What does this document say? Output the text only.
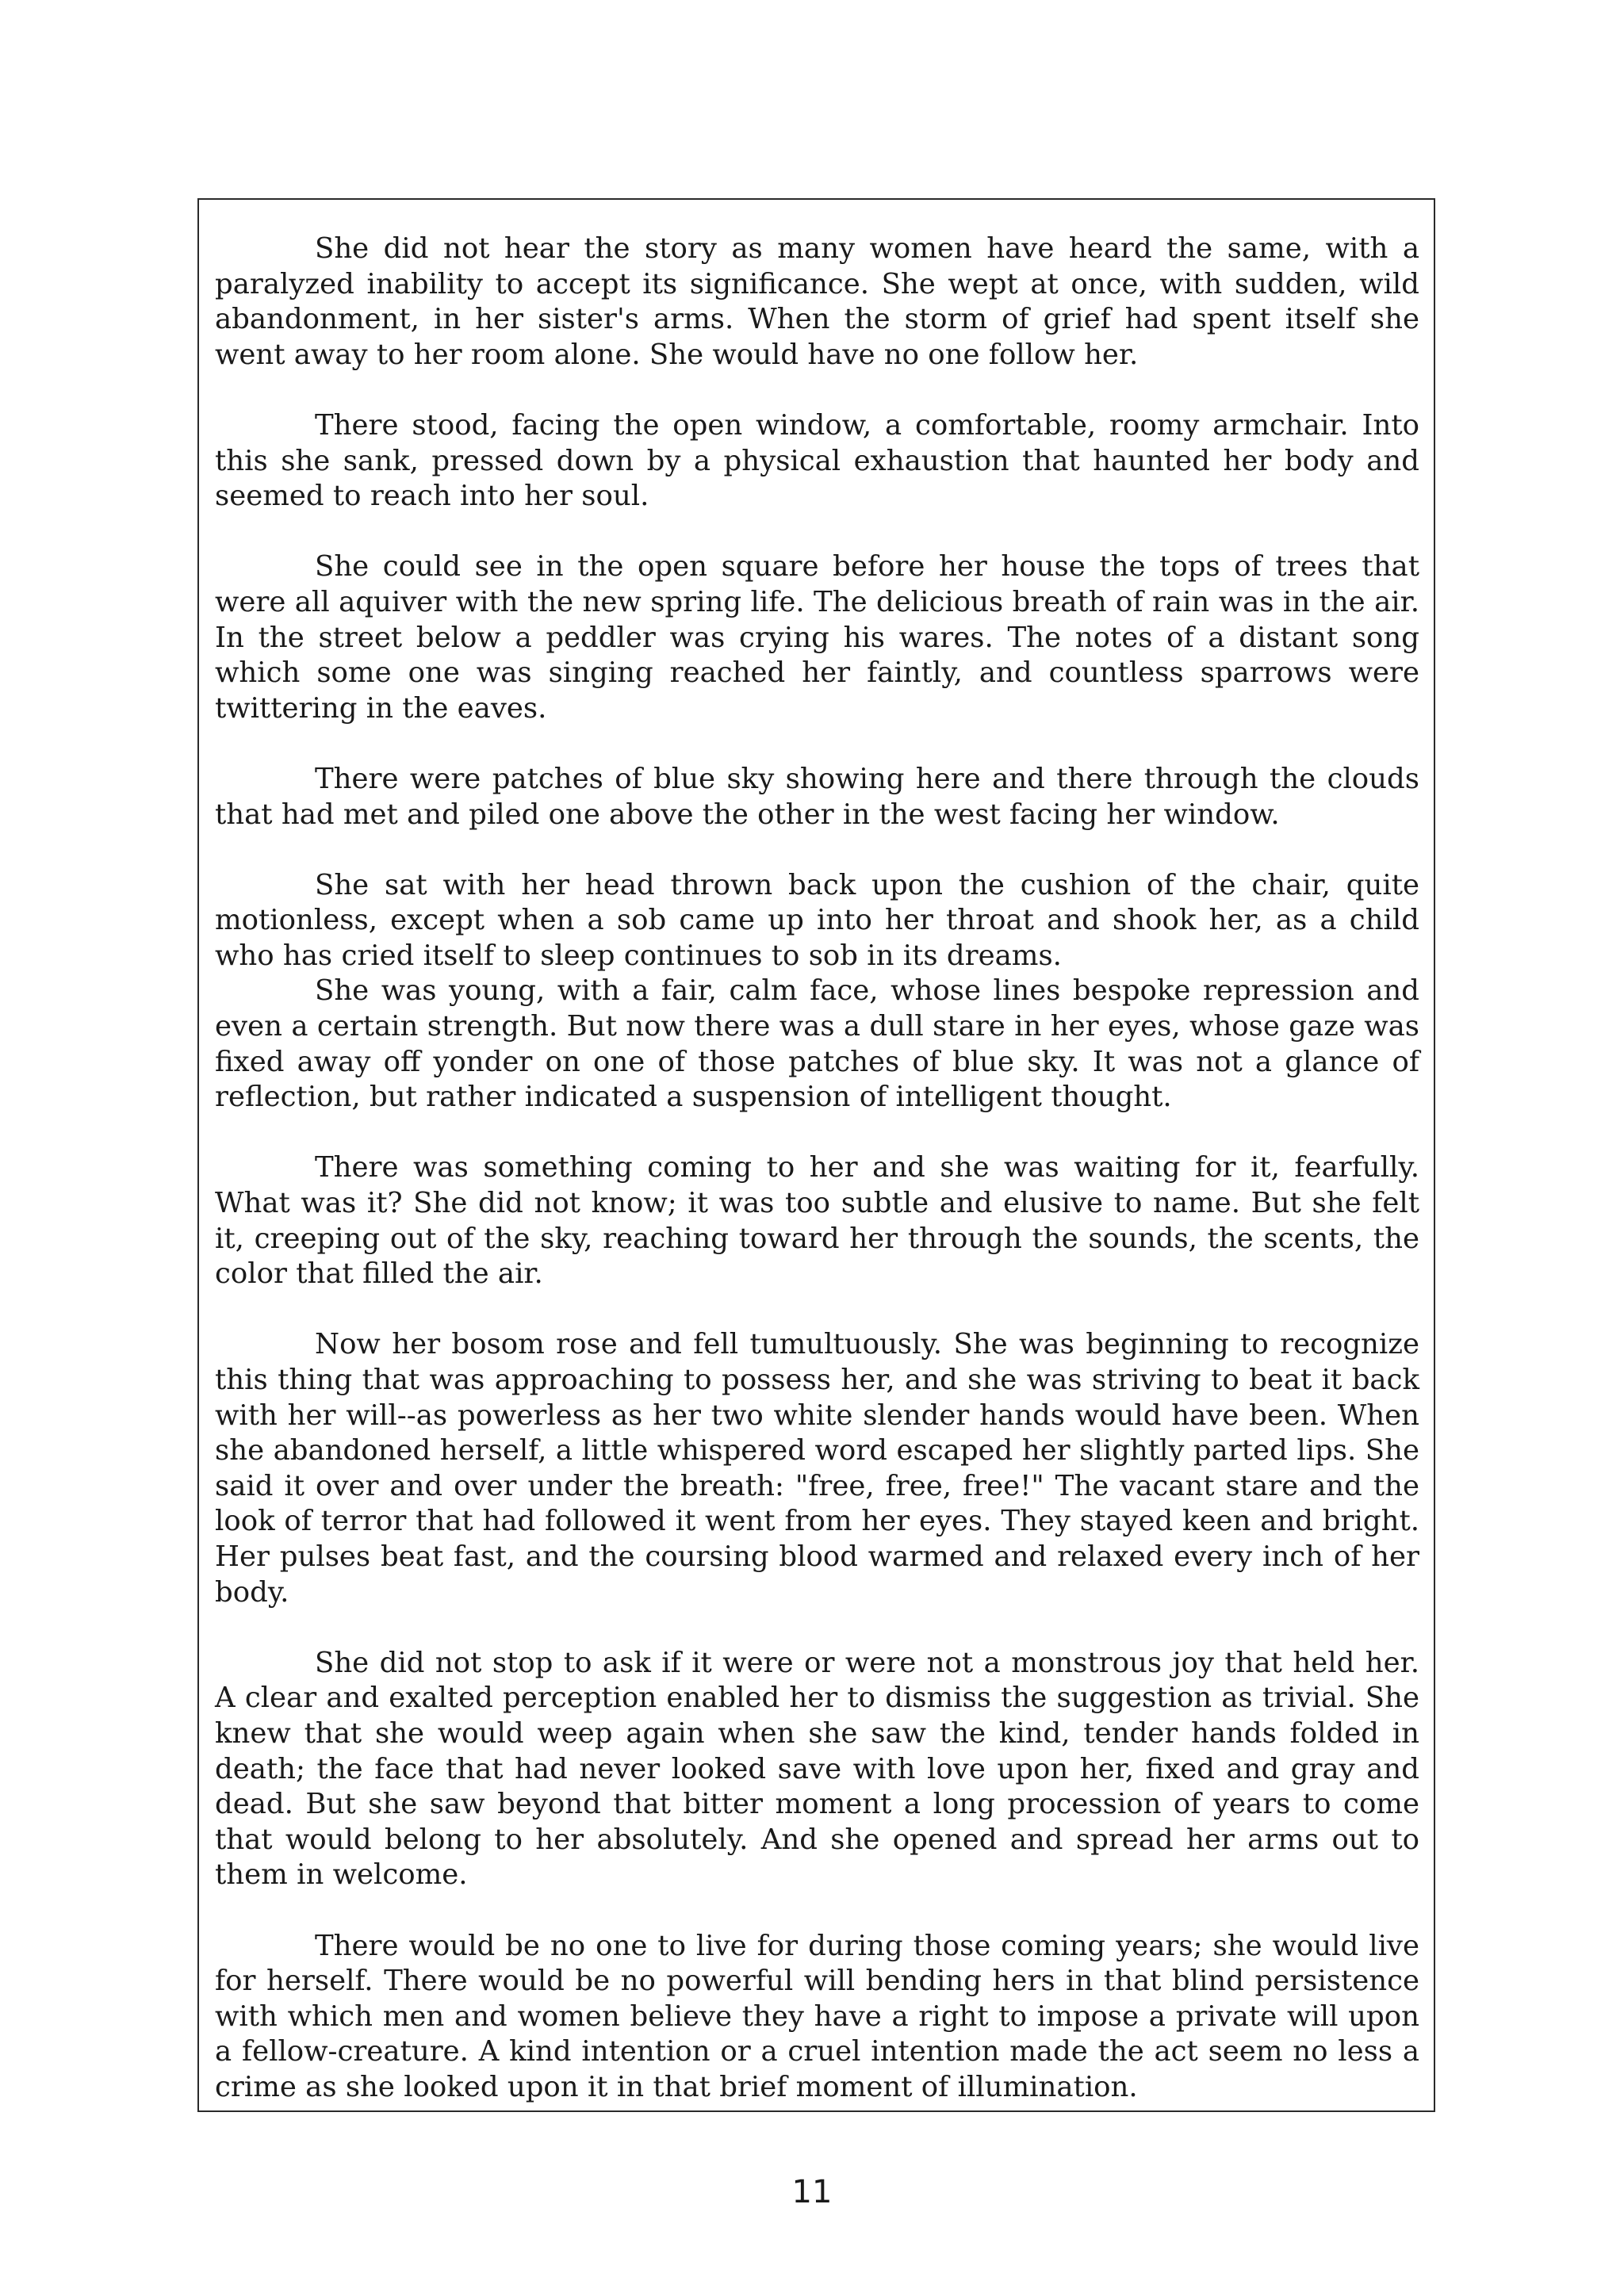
She did not hear the story as many women have heard the same, with a paralyzed inability to accept its significance. She wept at once, with sudden, wild abandonment, in her sister's arms. When the storm of grief had spent itself she went away to her room alone. She would have no one follow her.

There stood, facing the open window, a comfortable, roomy armchair. Into this she sank, pressed down by a physical exhaustion that haunted her body and seemed to reach into her soul.

She could see in the open square before her house the tops of trees that were all aquiver with the new spring life. The delicious breath of rain was in the air. In the street below a peddler was crying his wares. The notes of a distant song which some one was singing reached her faintly, and countless sparrows were twittering in the eaves.

There were patches of blue sky showing here and there through the clouds that had met and piled one above the other in the west facing her window.

She sat with her head thrown back upon the cushion of the chair, quite motionless, except when a sob came up into her throat and shook her, as a child who has cried itself to sleep continues to sob in its dreams.

She was young, with a fair, calm face, whose lines bespoke repression and even a certain strength. But now there was a dull stare in her eyes, whose gaze was fixed away off yonder on one of those patches of blue sky. It was not a glance of reflection, but rather indicated a suspension of intelligent thought.

There was something coming to her and she was waiting for it, fearfully. What was it? She did not know; it was too subtle and elusive to name. But she felt it, creeping out of the sky, reaching toward her through the sounds, the scents, the color that filled the air.

Now her bosom rose and fell tumultuously. She was beginning to recognize this thing that was approaching to possess her, and she was striving to beat it back with her will--as powerless as her two white slender hands would have been. When she abandoned herself, a little whispered word escaped her slightly parted lips. She said it over and over under the breath: "free, free, free!" The vacant stare and the look of terror that had followed it went from her eyes. They stayed keen and bright. Her pulses beat fast, and the coursing blood warmed and relaxed every inch of her body.

She did not stop to ask if it were or were not a monstrous joy that held her. A clear and exalted perception enabled her to dismiss the suggestion as trivial. She knew that she would weep again when she saw the kind, tender hands folded in death; the face that had never looked save with love upon her, fixed and gray and dead. But she saw beyond that bitter moment a long procession of years to come that would belong to her absolutely. And she opened and spread her arms out to them in welcome.

There would be no one to live for during those coming years; she would live for herself. There would be no powerful will bending hers in that blind persistence with which men and women believe they have a right to impose a private will upon a fellow-creature. A kind intention or a cruel intention made the act seem no less a crime as she looked upon it in that brief moment of illumination.

11
